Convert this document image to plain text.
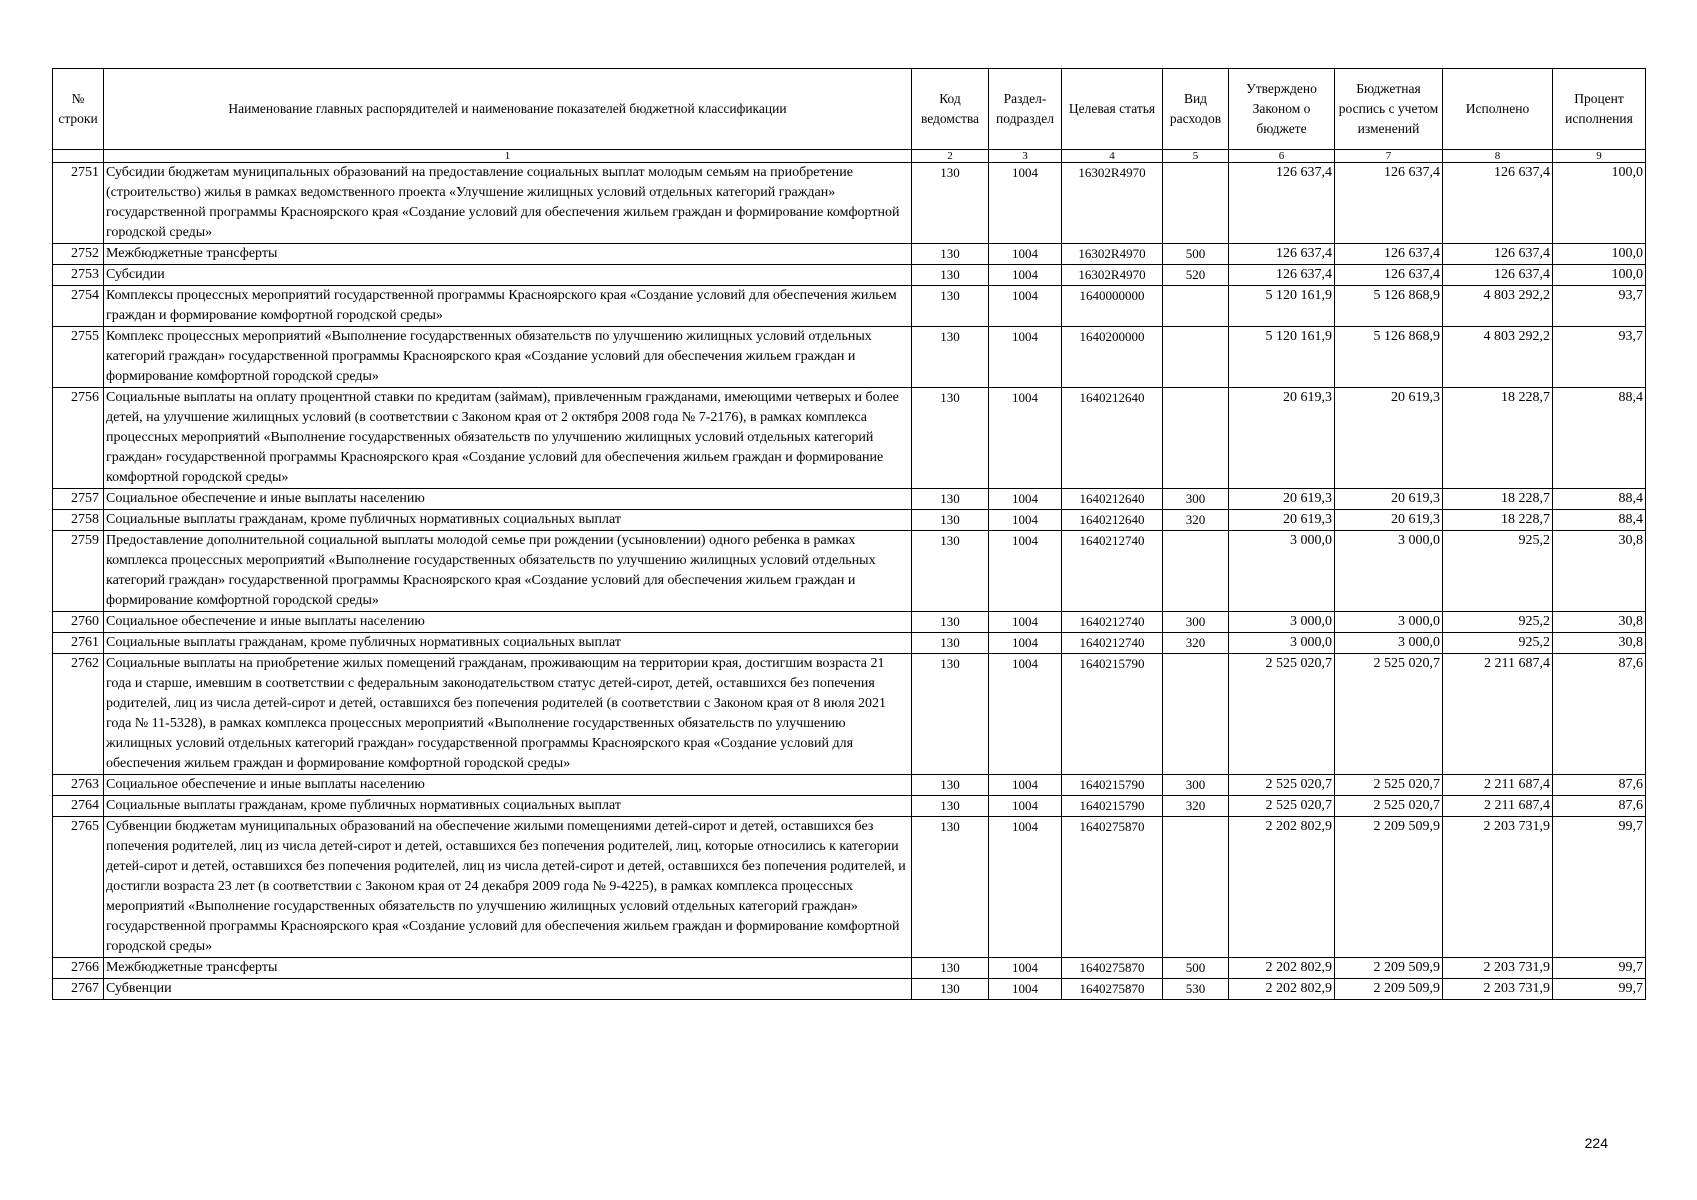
№ строки	Наименование главных распорядителей и наименование показателей бюджетной классификации	Код ведомства	Раздел-подраздел	Целевая статья	Вид расходов	Утверждено Законом о бюджете	Бюджетная роспись с учетом изменений	Исполнено	Процент исполнения
	1	2	3	4	5	6	7	8	9
2751	Субсидии бюджетам муниципальных образований на предоставление социальных выплат молодым семьям на приобретение (строительство) жилья в рамках ведомственного проекта «Улучшение жилищных условий отдельных категорий граждан» государственной программы Красноярского края «Создание условий для обеспечения жильем граждан и формирование комфортной городской среды»	130	1004	16302R4970		126 637,4	126 637,4	126 637,4	100,0
2752	Межбюджетные трансферты	130	1004	16302R4970	500	126 637,4	126 637,4	126 637,4	100,0
2753	Субсидии	130	1004	16302R4970	520	126 637,4	126 637,4	126 637,4	100,0
2754	Комплексы процессных мероприятий государственной программы Красноярского края «Создание условий для обеспечения жильем граждан и формирование комфортной городской среды»	130	1004	1640000000		5 120 161,9	5 126 868,9	4 803 292,2	93,7
2755	Комплекс процессных мероприятий «Выполнение государственных обязательств по улучшению жилищных условий отдельных категорий граждан» государственной программы Красноярского края «Создание условий для обеспечения жильем граждан и формирование комфортной городской среды»	130	1004	1640200000		5 120 161,9	5 126 868,9	4 803 292,2	93,7
2756	Социальные выплаты на оплату процентной ставки по кредитам (займам), привлеченным гражданами, имеющими четверых и более детей, на улучшение жилищных условий (в соответствии с Законом края от 2 октября 2008 года № 7-2176), в рамках комплекса процессных мероприятий «Выполнение государственных обязательств по улучшению жилищных условий отдельных категорий граждан» государственной программы Красноярского края «Создание условий для обеспечения жильем граждан и формирование комфортной городской среды»	130	1004	1640212640		20 619,3	20 619,3	18 228,7	88,4
2757	Социальное обеспечение и иные выплаты населению	130	1004	1640212640	300	20 619,3	20 619,3	18 228,7	88,4
2758	Социальные выплаты гражданам, кроме публичных нормативных социальных выплат	130	1004	1640212640	320	20 619,3	20 619,3	18 228,7	88,4
2759	Предоставление дополнительной социальной выплаты молодой семье при рождении (усыновлении) одного ребенка в рамках комплекса процессных мероприятий «Выполнение государственных обязательств по улучшению жилищных условий отдельных категорий граждан» государственной программы Красноярского края «Создание условий для обеспечения жильем граждан и формирование комфортной городской среды»	130	1004	1640212740		3 000,0	3 000,0	925,2	30,8
2760	Социальное обеспечение и иные выплаты населению	130	1004	1640212740	300	3 000,0	3 000,0	925,2	30,8
2761	Социальные выплаты гражданам, кроме публичных нормативных социальных выплат	130	1004	1640212740	320	3 000,0	3 000,0	925,2	30,8
2762	Социальные выплаты на приобретение жилых помещений гражданам, проживающим на территории края, достигшим возраста 21 года и старше, имевшим в соответствии с федеральным законодательством статус детей-сирот, детей, оставшихся без попечения родителей, лиц из числа детей-сирот и детей, оставшихся без попечения родителей (в соответствии с Законом края от 8 июля 2021 года № 11-5328), в рамках комплекса процессных мероприятий «Выполнение государственных обязательств по улучшению жилищных условий отдельных категорий граждан» государственной программы Красноярского края «Создание условий для обеспечения жильем граждан и формирование комфортной городской среды»	130	1004	1640215790		2 525 020,7	2 525 020,7	2 211 687,4	87,6
2763	Социальное обеспечение и иные выплаты населению	130	1004	1640215790	300	2 525 020,7	2 525 020,7	2 211 687,4	87,6
2764	Социальные выплаты гражданам, кроме публичных нормативных социальных выплат	130	1004	1640215790	320	2 525 020,7	2 525 020,7	2 211 687,4	87,6
2765	Субвенции бюджетам муниципальных образований на обеспечение жилыми помещениями детей-сирот и детей, оставшихся без попечения родителей, лиц из числа детей-сирот и детей, оставшихся без попечения родителей, лиц, которые относились к категории детей-сирот и детей, оставшихся без попечения родителей, лиц из числа детей-сирот и детей, оставшихся без попечения родителей, и достигли возраста 23 лет (в соответствии с Законом края от 24 декабря 2009 года № 9-4225), в рамках комплекса процессных мероприятий «Выполнение государственных обязательств по улучшению жилищных условий отдельных категорий граждан» государственной программы Красноярского края «Создание условий для обеспечения жильем граждан и формирование комфортной городской среды»	130	1004	1640275870		2 202 802,9	2 209 509,9	2 203 731,9	99,7
2766	Межбюджетные трансферты	130	1004	1640275870	500	2 202 802,9	2 209 509,9	2 203 731,9	99,7
2767	Субвенции	130	1004	1640275870	530	2 202 802,9	2 209 509,9	2 203 731,9	99,7
224
